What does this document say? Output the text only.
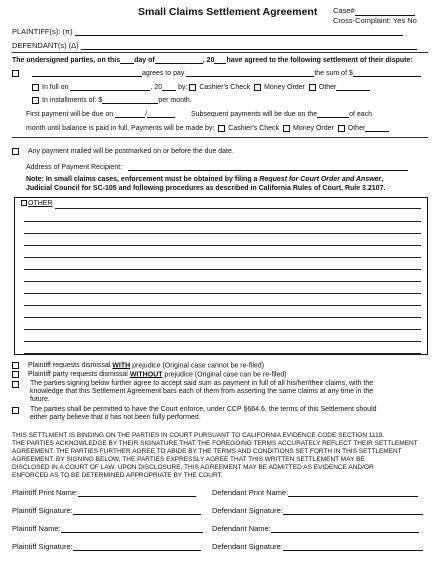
Small Claims Settlement Agreement Case#
Cross-Complaint: Yes No
PLAINTIFF(s): (π)
DEFENDANT(s) (Δ)
The undersigned parties, on this day of	, 20 have agreed to the following settlement of their dispute:
agrees to pay	the sum of $
In full on	, 20 by: Cashier's Check Money Order Other
In installments of: $	per month.
First payment will be due on	/	Subsequent payments will be due on the	of each
month until balance is paid in full, Payments will be made by: Cashier's Check Money Order Other
Any payment mailed will be postmarked on or before the due date.
Address of Payment Recipient:
Note: In small claims cases, enforcement must be obtained by filing a Request for Court Order and Answer,
Judicial Council for SC-105 and following procedures as described in California Rules of Court, Rule 3.2107.
OTHER
Plaintiff requests dismissal WITH prejudice (Original case cannot be re-filed)
Plaintiff party requests dismissal WITHOUT prejudice (Original case can be re-filed)

The parties signing below further agree to accept said sum as payment in full of all his/her/their claims, with the
knowledge that this Settlement Agreement bars each of them from asserting the same claims at any time in the
future.

The parties shall be permitted to have the Court enforce, under CCP §664.6, the terms of this Settlement should
either party believe that it has not been fully performed.
THIS SETTLMENT IS BINDING ON THE PARTIES IN COURT PURSUANT TO CALIFORNIA EVIDENCE CODE SECTION 1119.
THE PARTIES ACKNOWLEDGE BY THEIR SIGNATURE THAT THE FOREGOING TERMS ACCURATELY REFLECT THEIR SETTLEMENT
AGREEMENT. THE PARTIES FURTHER AGREE TO ABIDE BY THE TERMS AND CONDITIONS SET FORTH IN THIS SETTLEMENT
AGREEMENT. BY SIGNING BELOW, THE PARTIES EXPRESSLY AGREE THAT THIS WRITTEN SETTLEMENT MAY BE
DISCLOSED IN A COURT OF LAW. UPON DISCLOSURE, THIS AGREEMENT MAY BE ADMITTED AS EVIDENCE AND/OR
ENFORCED AS TO BE DETERMINED APPROPRIATE BY THE COURT.
Plaintiff Print Name:	Defendant Print Name:
Plaintiff Signature:	Defendant Signature:
Plaintiff Name:	Defendant Name:
Plaintiff Signature:	Defendant Signature:
